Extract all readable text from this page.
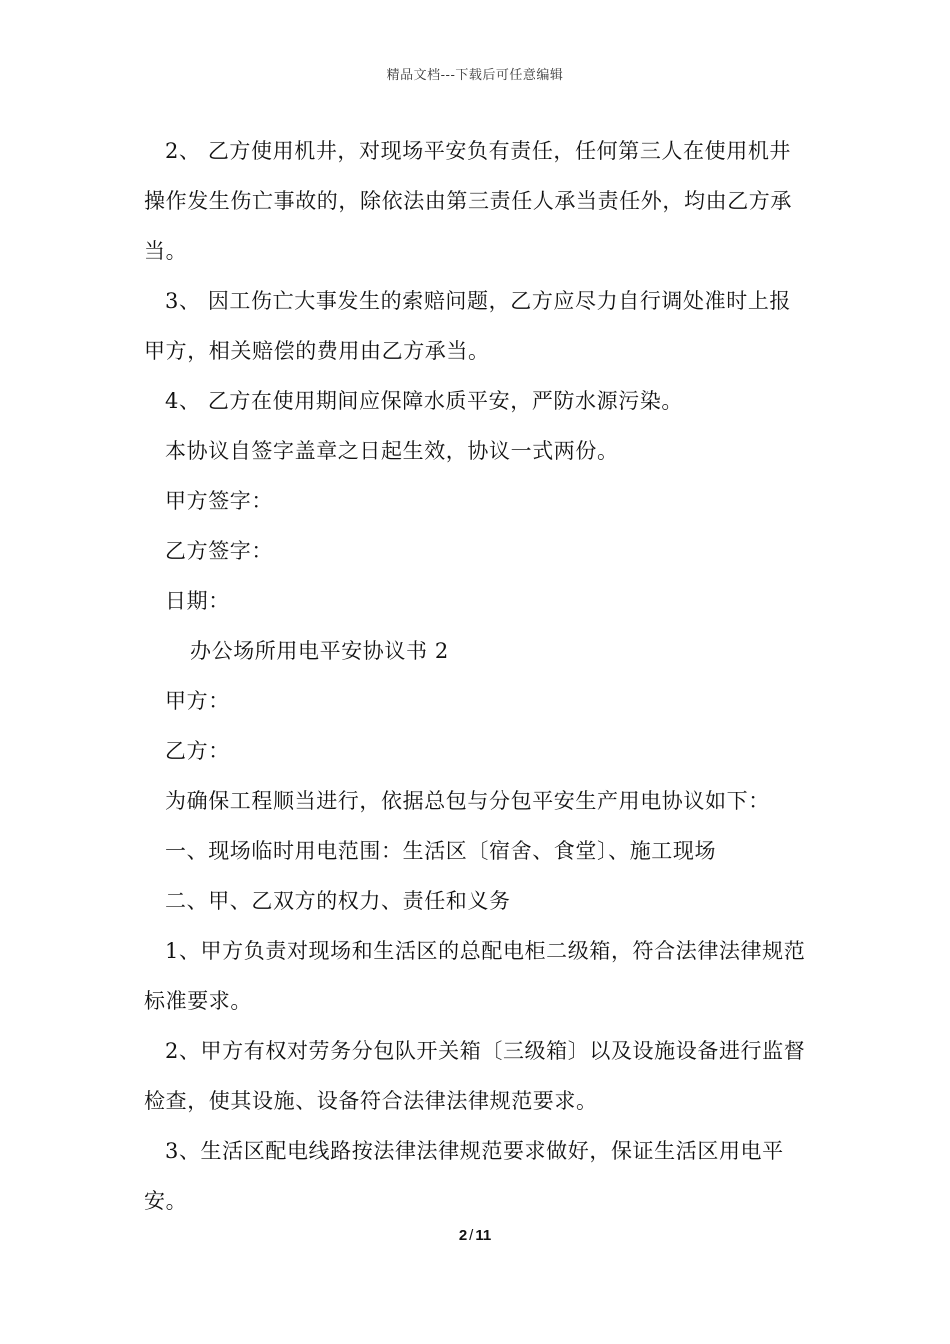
精品文档---下载后可任意编辑

2、 乙方使用机井，对现场平安负有责任，任何第三人在使用机井操作发生伤亡事故的，除依法由第三责任人承当责任外，均由乙方承当。

3、 因工伤亡大事发生的索赔问题，乙方应尽力自行调处准时上报甲方，相关赔偿的费用由乙方承当。

4、 乙方在使用期间应保障水质平安，严防水源污染。

本协议自签字盖章之日起生效，协议一式两份。

甲方签字：

乙方签字：

日期：

办公场所用电平安协议书 2

甲方：

乙方：

为确保工程顺当进行，依据总包与分包平安生产用电协议如下：

一、现场临时用电范围：生活区〔宿舍、食堂〕、施工现场

二、甲、乙双方的权力、责任和义务

1、甲方负责对现场和生活区的总配电柜二级箱，符合法律法律规范标准要求。

2、甲方有权对劳务分包队开关箱〔三级箱〕以及设施设备进行监督检查，使其设施、设备符合法律法律规范要求。

3、生活区配电线路按法律法律规范要求做好，保证生活区用电平安。

2 / 11
